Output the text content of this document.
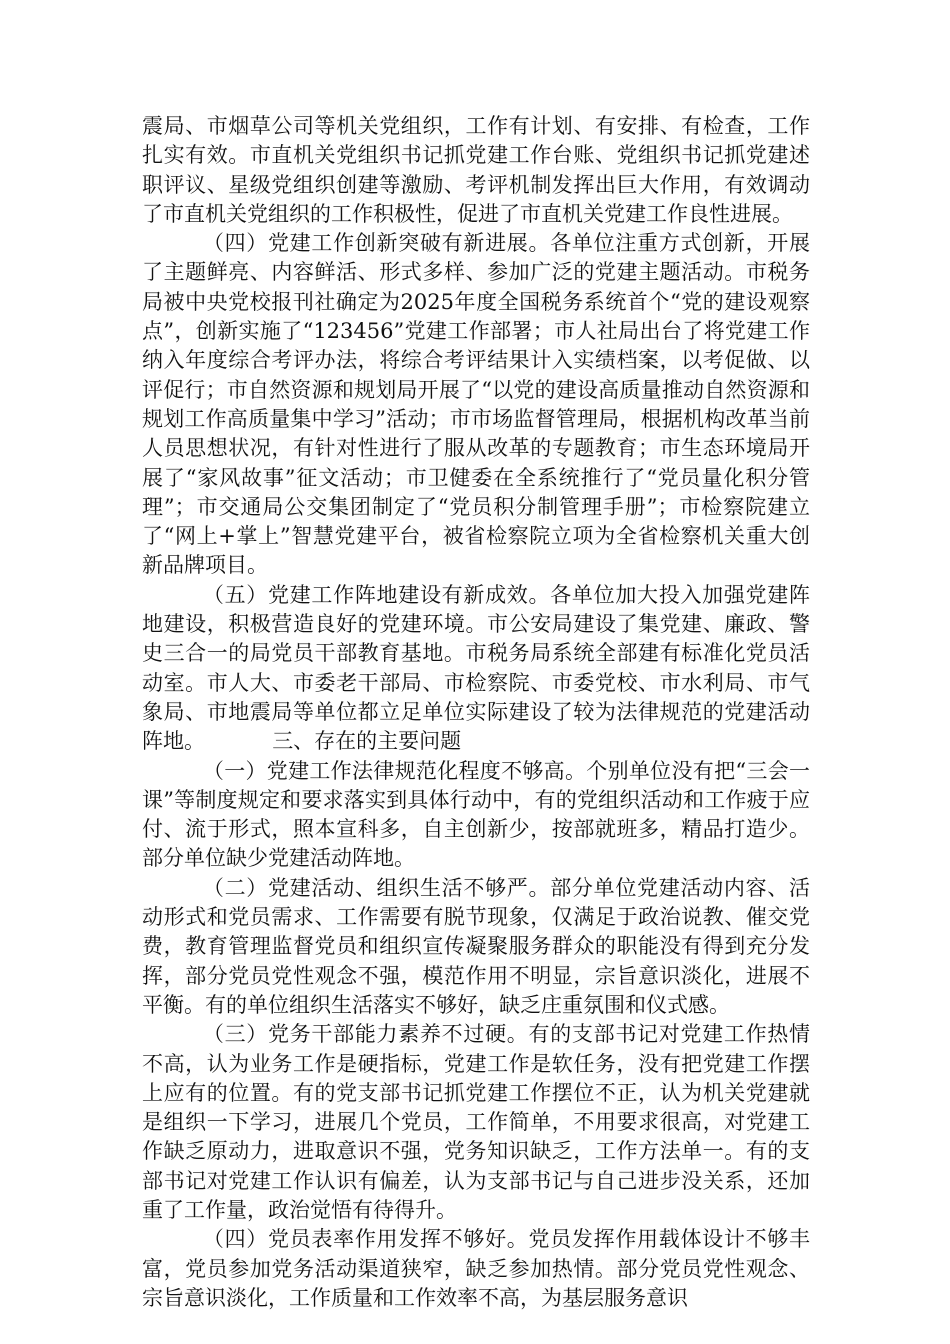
震局、市烟草公司等机关党组织，工作有计划、有安排、有检查，工作扎实有效。市直机关党组织书记抓党建工作台账、党组织书记抓党建述职评议、星级党组织创建等激励、考评机制发挥出巨大作用，有效调动了市直机关党组织的工作积极性，促进了市直机关党建工作良性进展。

（四）党建工作创新突破有新进展。各单位注重方式创新，开展了主题鲜亮、内容鲜活、形式多样、参加广泛的党建主题活动。市税务局被中央党校报刊社确定为2025年度全国税务系统首个“党的建设观察点”，创新实施了“123456”党建工作部署；市人社局出台了将党建工作纳入年度综合考评办法，将综合考评结果计入实绩档案，以考促做、以评促行；市自然资源和规划局开展了“以党的建设高质量推动自然资源和规划工作高质量集中学习”活动；市市场监督管理局，根据机构改革当前人员思想状况，有针对性进行了服从改革的专题教育；市生态环境局开展了“家风故事”征文活动；市卫健委在全系统推行了“党员量化积分管理”；市交通局公交集团制定了“党员积分制管理手册”；市检察院建立了“网上+掌上”智慧党建平台，被省检察院立项为全省检察机关重大创新品牌项目。

（五）党建工作阵地建设有新成效。各单位加大投入加强党建阵地建设，积极营造良好的党建环境。市公安局建设了集党建、廉政、警史三合一的局党员干部教育基地。市税务局系统全部建有标准化党员活动室。市人大、市委老干部局、市检察院、市委党校、市水利局、市气象局、市地震局等单位都立足单位实际建设了较为法律规范的党建活动阵地。	三、存在的主要问题

（一）党建工作法律规范化程度不够高。个别单位没有把“三会一课”等制度规定和要求落实到具体行动中，有的党组织活动和工作疲于应付、流于形式，照本宣科多，自主创新少，按部就班多，精品打造少。部分单位缺少党建活动阵地。

（二）党建活动、组织生活不够严。部分单位党建活动内容、活动形式和党员需求、工作需要有脱节现象，仅满足于政治说教、催交党费，教育管理监督党员和组织宣传凝聚服务群众的职能没有得到充分发挥，部分党员党性观念不强，模范作用不明显，宗旨意识淡化，进展不平衡。有的单位组织生活落实不够好，缺乏庄重氛围和仪式感。

（三）党务干部能力素养不过硬。有的支部书记对党建工作热情不高，认为业务工作是硬指标，党建工作是软任务，没有把党建工作摆上应有的位置。有的党支部书记抓党建工作摆位不正，认为机关党建就是组织一下学习，进展几个党员，工作简单，不用要求很高，对党建工作缺乏原动力，进取意识不强，党务知识缺乏，工作方法单一。有的支部书记对党建工作认识有偏差，认为支部书记与自己进步没关系，还加重了工作量，政治觉悟有待得升。

（四）党员表率作用发挥不够好。党员发挥作用载体设计不够丰富，党员参加党务活动渠道狭窄，缺乏参加热情。部分党员党性观念、宗旨意识淡化，工作质量和工作效率不高，为基层服务意识
